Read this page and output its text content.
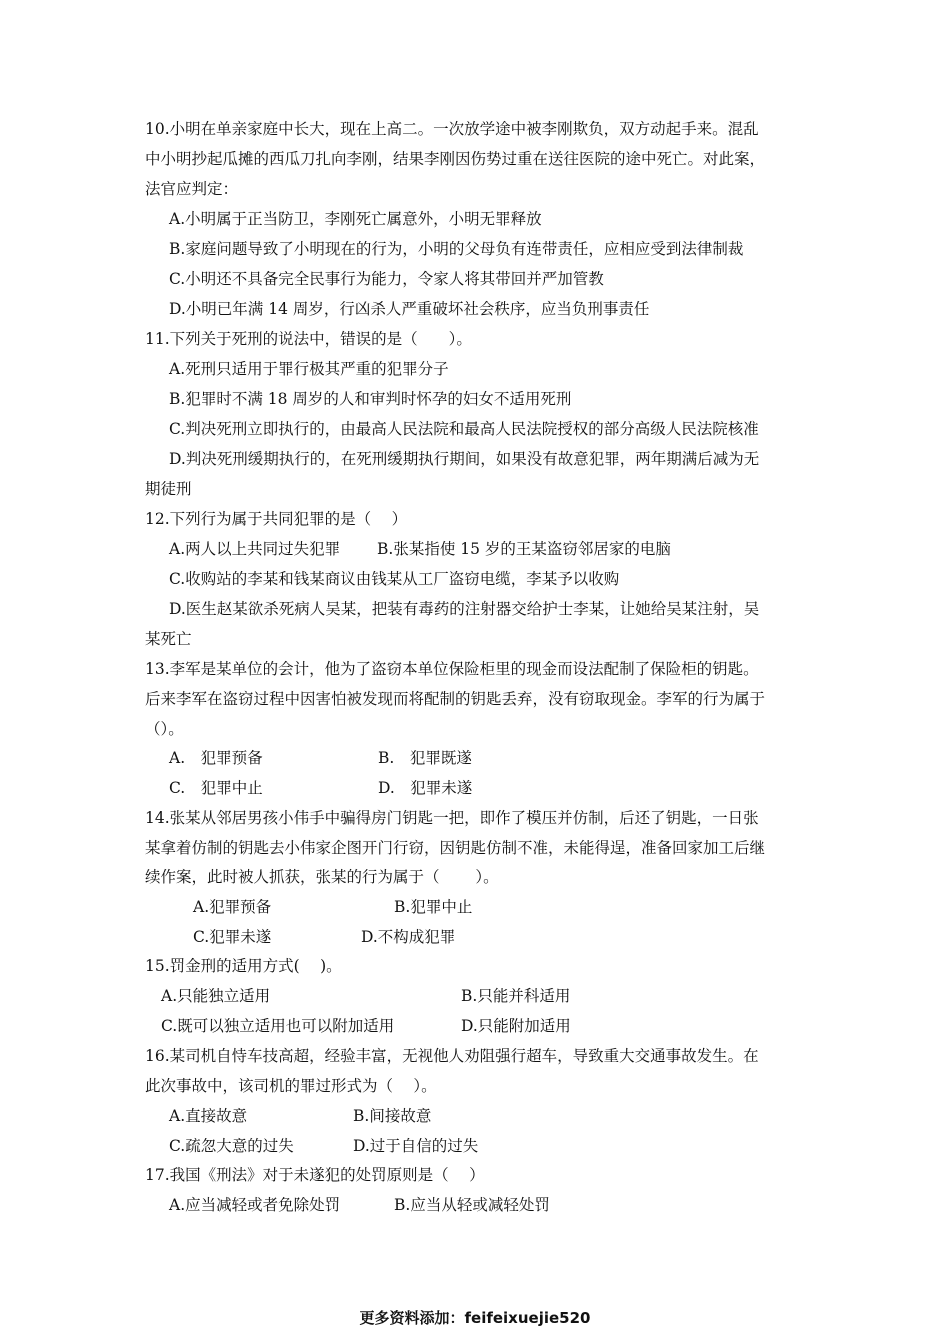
10.小明在单亲家庭中长大，现在上高二。一次放学途中被李刚欺负，双方动起手来。混乱
中小明抄起瓜摊的西瓜刀扎向李刚，结果李刚因伤势过重在送往医院的途中死亡。对此案，
法官应判定：
A.小明属于正当防卫，李刚死亡属意外，小明无罪释放
B.家庭问题导致了小明现在的行为，小明的父母负有连带责任，应相应受到法律制裁
C.小明还不具备完全民事行为能力，令家人将其带回并严加管教
D.小明已年满 14 周岁，行凶杀人严重破坏社会秩序，应当负刑事责任
11.下列关于死刑的说法中，错误的是（　　）。
A.死刑只适用于罪行极其严重的犯罪分子
B.犯罪时不满 18 周岁的人和审判时怀孕的妇女不适用死刑
C.判决死刑立即执行的，由最高人民法院和最高人民法院授权的部分高级人民法院核准
D.判决死刑缓期执行的，在死刑缓期执行期间，如果没有故意犯罪，两年期满后减为无
期徒刑
12.下列行为属于共同犯罪的是（　 ）
A.两人以上共同过失犯罪 B.张某指使 15 岁的王某盗窃邻居家的电脑
C.收购站的李某和钱某商议由钱某从工厂盗窃电缆，李某予以收购
D.医生赵某欲杀死病人吴某，把装有毒药的注射器交给护士李某，让她给吴某注射，吴
某死亡
13.李军是某单位的会计，他为了盗窃本单位保险柜里的现金而设法配制了保险柜的钥匙。
后来李军在盗窃过程中因害怕被发现而将配制的钥匙丢弃，没有窃取现金。李军的行为属于
（）。
A.　犯罪预备	B.　犯罪既遂
C.　犯罪中止	D.　犯罪未遂
14.张某从邻居男孩小伟手中骗得房门钥匙一把，即作了模压并仿制，后还了钥匙，一日张
某拿着仿制的钥匙去小伟家企图开门行窃，因钥匙仿制不准，未能得逞，准备回家加工后继
续作案，此时被人抓获，张某的行为属于（　　 ）。
A.犯罪预备	B.犯罪中止
C.犯罪未遂	D.不构成犯罪
15.罚金刑的适用方式(　 )。
A.只能独立适用	B.只能并科适用
C.既可以独立适用也可以附加适用	D.只能附加适用
16.某司机自恃车技高超，经验丰富，无视他人劝阻强行超车，导致重大交通事故发生。在
此次事故中，该司机的罪过形式为（　 ）。
A.直接故意	B.间接故意
C.疏忽大意的过失	D.过于自信的过失
17.我国《刑法》对于未遂犯的处罚原则是（　 ）
A.应当减轻或者免除处罚	B.应当从轻或减轻处罚
更多资料添加：feifeixuejie520
